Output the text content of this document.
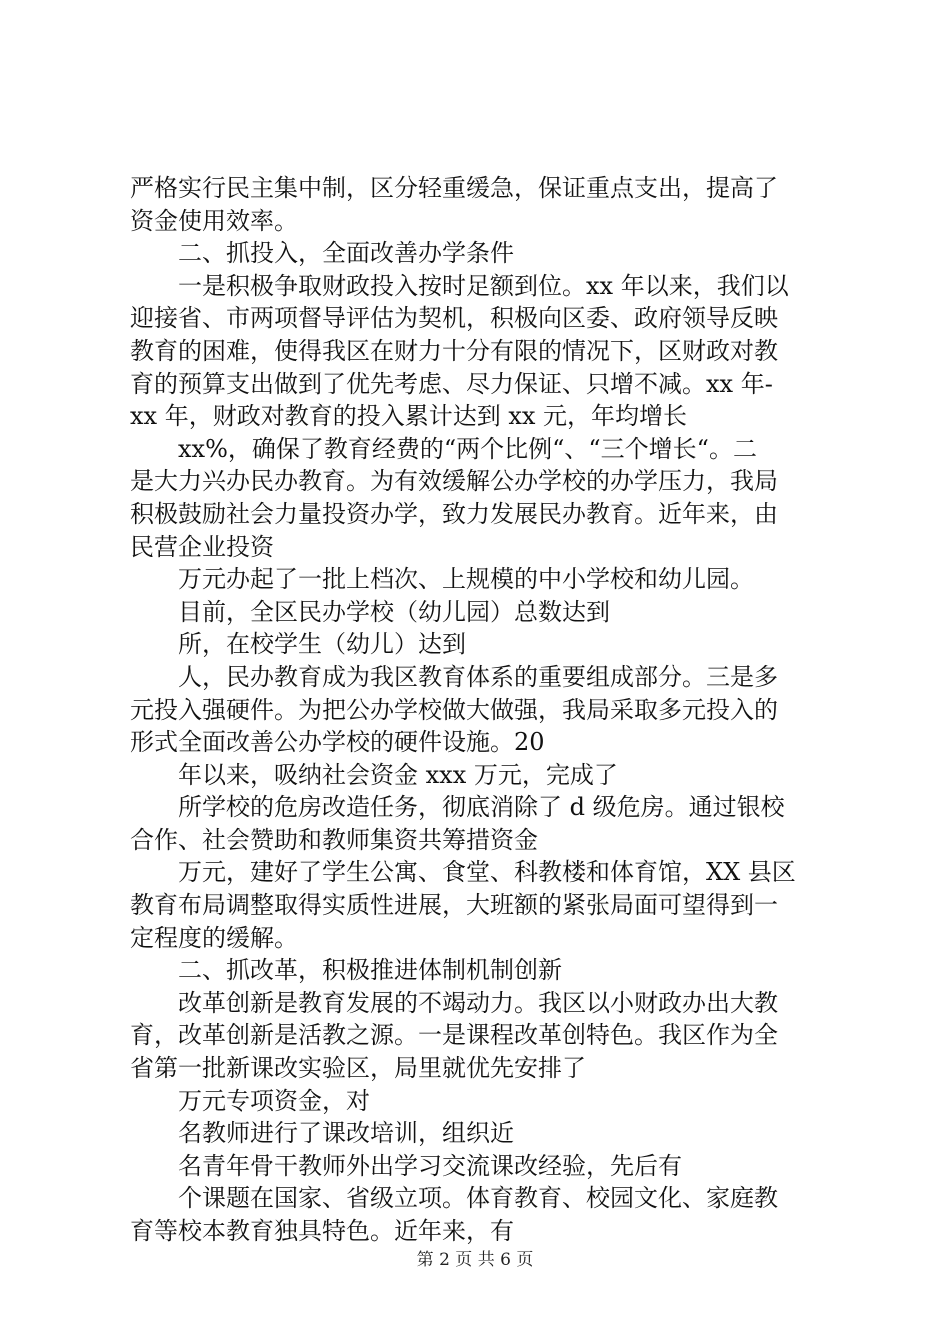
严格实行民主集中制，区分轻重缓急，保证重点支出，提高了
资金使用效率。
二、抓投入，全面改善办学条件
一是积极争取财政投入按时足额到位。xx 年以来，我们以
迎接省、市两项督导评估为契机，积极向区委、政府领导反映
教育的困难，使得我区在财力十分有限的情况下，区财政对教
育的预算支出做到了优先考虑、尽力保证、只增不减。xx 年-
xx 年，财政对教育的投入累计达到 xx 元，年均增长
xx%，确保了教育经费的“两个比例“、“三个增长“。二
是大力兴办民办教育。为有效缓解公办学校的办学压力，我局
积极鼓励社会力量投资办学，致力发展民办教育。近年来，由
民营企业投资
万元办起了一批上档次、上规模的中小学校和幼儿园。
目前，全区民办学校（幼儿园）总数达到
所，在校学生（幼儿）达到
人，民办教育成为我区教育体系的重要组成部分。三是多
元投入强硬件。为把公办学校做大做强，我局采取多元投入的
形式全面改善公办学校的硬件设施。20
年以来，吸纳社会资金 xxx 万元，完成了
所学校的危房改造任务，彻底消除了 d 级危房。通过银校
合作、社会赞助和教师集资共筹措资金
万元，建好了学生公寓、食堂、科教楼和体育馆，XX 县区
教育布局调整取得实质性进展，大班额的紧张局面可望得到一
定程度的缓解。
二、抓改革，积极推进体制机制创新
改革创新是教育发展的不竭动力。我区以小财政办出大教
育，改革创新是活教之源。一是课程改革创特色。我区作为全
省第一批新课改实验区，局里就优先安排了
万元专项资金，对
名教师进行了课改培训，组织近
名青年骨干教师外出学习交流课改经验，先后有
个课题在国家、省级立项。体育教育、校园文化、家庭教
育等校本教育独具特色。近年来，有
第 2 页 共 6 页
